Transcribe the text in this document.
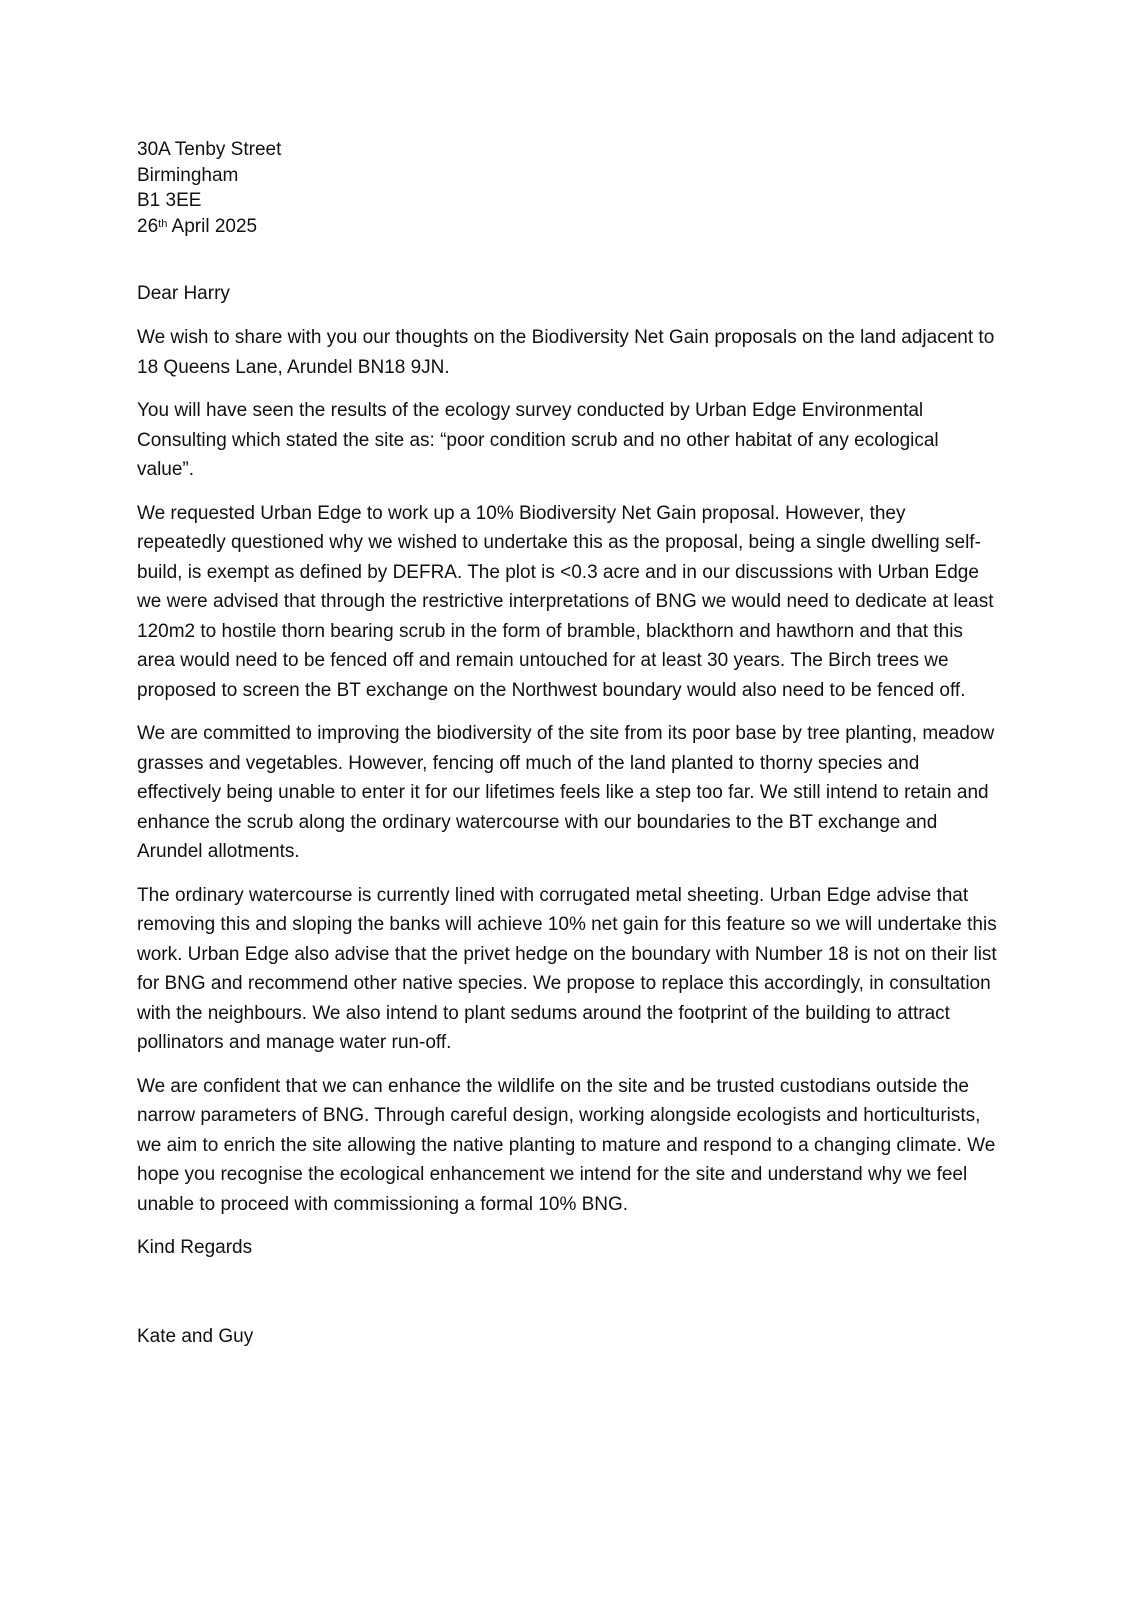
30A Tenby Street
Birmingham
B1 3EE
26th April 2025
Dear Harry

We wish to share with you our thoughts on the Biodiversity Net Gain proposals on the land adjacent to 18 Queens Lane, Arundel BN18 9JN.

You will have seen the results of the ecology survey conducted by Urban Edge Environmental Consulting which stated the site as: “poor condition scrub and no other habitat of any ecological value”.

We requested Urban Edge to work up a 10% Biodiversity Net Gain proposal. However, they repeatedly questioned why we wished to undertake this as the proposal, being a single dwelling self-build, is exempt as defined by DEFRA. The plot is <0.3 acre and in our discussions with Urban Edge we were advised that through the restrictive interpretations of BNG we would need to dedicate at least 120m2 to hostile thorn bearing scrub in the form of bramble, blackthorn and hawthorn and that this area would need to be fenced off and remain untouched for at least 30 years. The Birch trees we proposed to screen the BT exchange on the Northwest boundary would also need to be fenced off.

We are committed to improving the biodiversity of the site from its poor base by tree planting, meadow grasses and vegetables. However, fencing off much of the land planted to thorny species and effectively being unable to enter it for our lifetimes feels like a step too far. We still intend to retain and enhance the scrub along the ordinary watercourse with our boundaries to the BT exchange and Arundel allotments.

The ordinary watercourse is currently lined with corrugated metal sheeting. Urban Edge advise that removing this and sloping the banks will achieve 10% net gain for this feature so we will undertake this work. Urban Edge also advise that the privet hedge on the boundary with Number 18 is not on their list for BNG and recommend other native species. We propose to replace this accordingly, in consultation with the neighbours. We also intend to plant sedums around the footprint of the building to attract pollinators and manage water run-off.

We are confident that we can enhance the wildlife on the site and be trusted custodians outside the narrow parameters of BNG. Through careful design, working alongside ecologists and horticulturists, we aim to enrich the site allowing the native planting to mature and respond to a changing climate. We hope you recognise the ecological enhancement we intend for the site and understand why we feel unable to proceed with commissioning a formal 10% BNG.

Kind Regards
Kate and Guy
